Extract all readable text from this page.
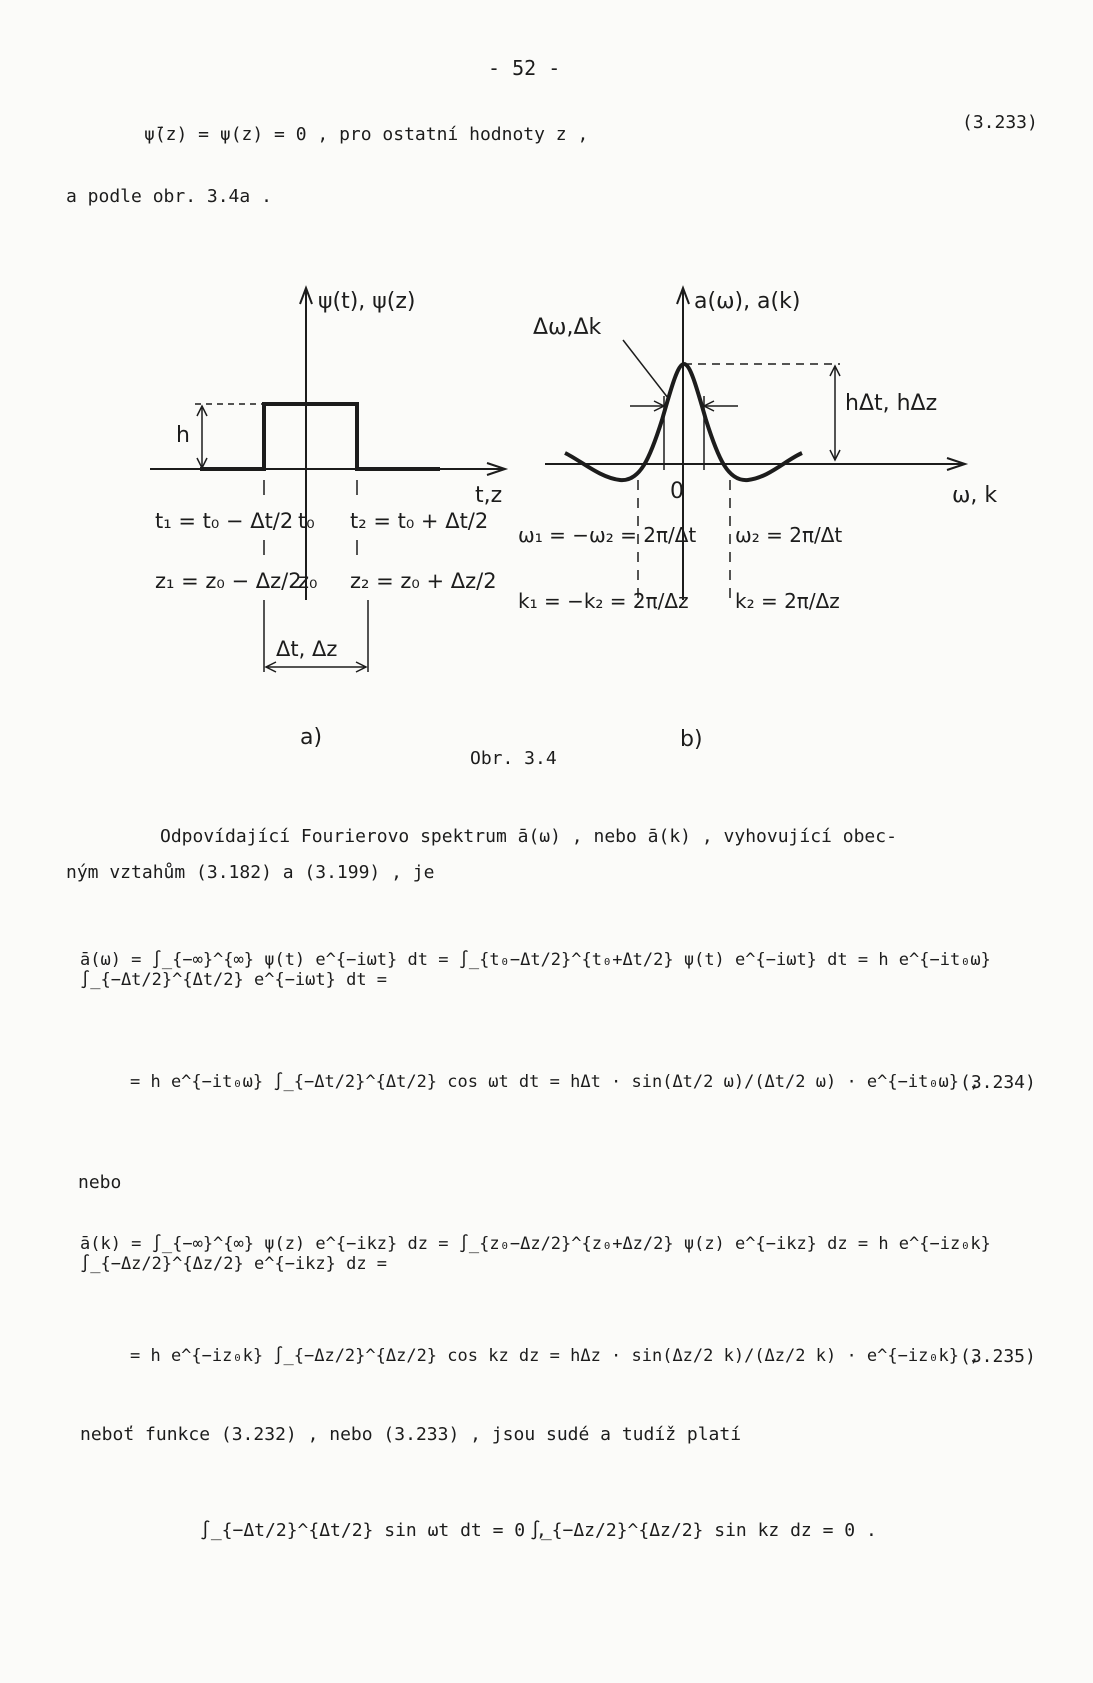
- 52 -
ψ̄(z) = ψ(z) = 0 , pro ostatní hodnoty z ,
(3.233)
a podle obr. 3.4a .
ψ(t), ψ(z)
h
t,z
t₁ = t₀ − Δt/2 t₀ t₂ = t₀ + Δt/2
z₁ = z₀ − Δz/2
z₀ z₂ = z₀ + Δz/2
Δt, Δz
a)
a(ω), a(k)
Δω,Δk
hΔt, hΔz
ω, k
0
ω₁ = −ω₂ = 2π/Δt ω₂ = 2π/Δt
k₁ = −k₂ = 2π/Δz k₂ = 2π/Δz
b)
Obr. 3.4
Odpovídající Fourierovo spektrum ā(ω) , nebo ā(k) , vyhovující obec-
ným vztahům (3.182) a (3.199) , je
ā(ω) = ∫_{−∞}^{∞} ψ(t) e^{−iωt} dt = ∫_{t₀−Δt/2}^{t₀+Δt/2} ψ(t) e^{−iωt} dt = h e^{−it₀ω} ∫_{−Δt/2}^{Δt/2} e^{−iωt} dt =
= h e^{−it₀ω} ∫_{−Δt/2}^{Δt/2} cos ωt dt = hΔt · sin(Δt/2 ω)/(Δt/2 ω) · e^{−it₀ω} ,
(3.234)
nebo
ā(k) = ∫_{−∞}^{∞} ψ(z) e^{−ikz} dz = ∫_{z₀−Δz/2}^{z₀+Δz/2} ψ(z) e^{−ikz} dz = h e^{−iz₀k} ∫_{−Δz/2}^{Δz/2} e^{−ikz} dz =
= h e^{−iz₀k} ∫_{−Δz/2}^{Δz/2} cos kz dz = hΔz · sin(Δz/2 k)/(Δz/2 k) · e^{−iz₀k} ,
(3.235)
neboť funkce (3.232) , nebo (3.233) , jsou sudé a tudíž platí
∫_{−Δt/2}^{Δt/2} sin ωt dt = 0 ,
∫_{−Δz/2}^{Δz/2} sin kz dz = 0 .
